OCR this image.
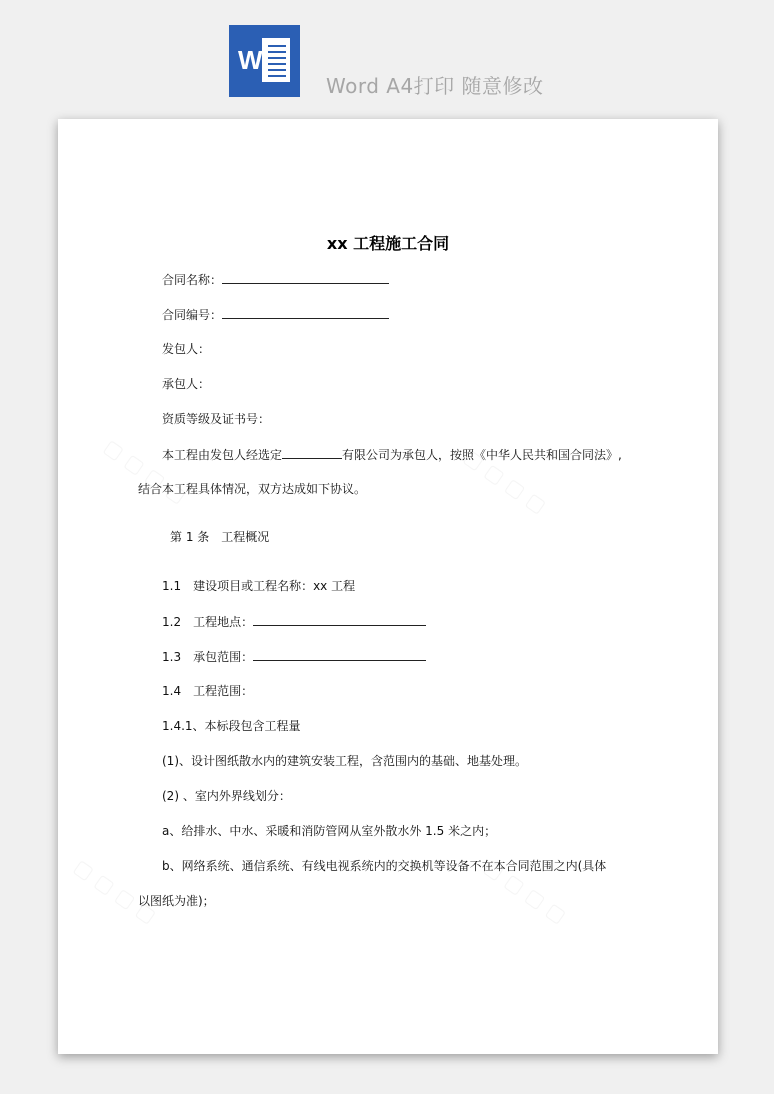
W
Word A4打印 随意修改
xx 工程施工合同
合同名称：
合同编号：
发包人：
承包人：
资质等级及证书号：
本工程由发包人经选定	有限公司为承包人，按照《中华人民共和国合同法》,
结合本工程具体情况，双方达成如下协议。
第 1 条　工程概况
1.1　建设项目或工程名称：xx 工程
1.2　工程地点：
1.3　承包范围：
1.4　工程范围：
1.4.1、本标段包含工程量
(1)、设计图纸散水内的建筑安装工程，含范围内的基础、地基处理。
(2) 、室内外界线划分：
a、给排水、中水、采暖和消防管网从室外散水外 1.5 米之内；
b、网络系统、通信系统、有线电视系统内的交换机等设备不在本合同范围之内(具体
以图纸为准)；
